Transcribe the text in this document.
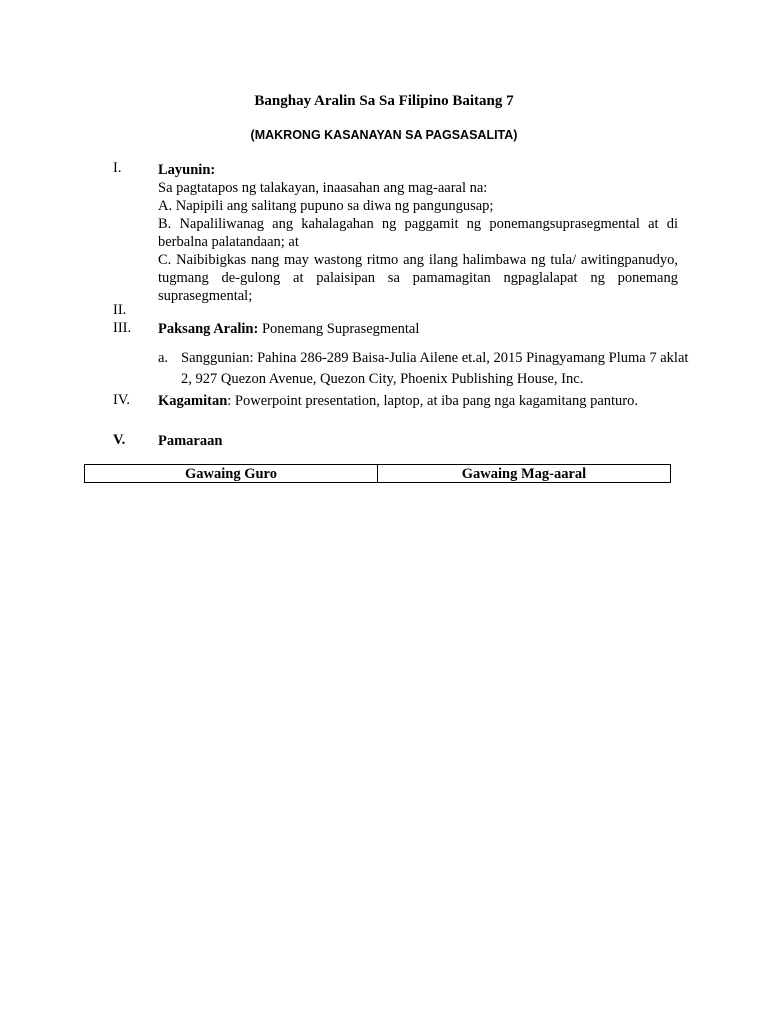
Banghay Aralin Sa Sa Filipino Baitang 7
(MAKRONG KASANAYAN SA PAGSASALITA)
I.	Layunin:
Sa pagtatapos ng talakayan, inaasahan ang mag-aaral na:
A. Napipili ang salitang pupuno sa diwa ng pangungusap;
B. Napaliliwanag ang kahalagahan ng paggamit ng ponemangsuprasegmental at di berbalna palatandaan; at
C. Naibibigkas nang may wastong ritmo ang ilang halimbawa ng tula/ awitingpanudyo, tugmang de-gulong at palaisipan sa pamamagitan ngpaglalapat ng ponemang suprasegmental;
II.
III. Paksang Aralin: Ponemang Suprasegmental
a. Sanggunian: Pahina 286-289 Baisa-Julia Ailene et.al, 2015 Pinagyamang Pluma 7 aklat 2, 927 Quezon Avenue, Quezon City, Phoenix Publishing House, Inc.
IV. Kagamitan: Powerpoint presentation, laptop, at iba pang nga kagamitang panturo.
V. Pamaraan
Gawaing Guro	Gawaing Mag-aaral
